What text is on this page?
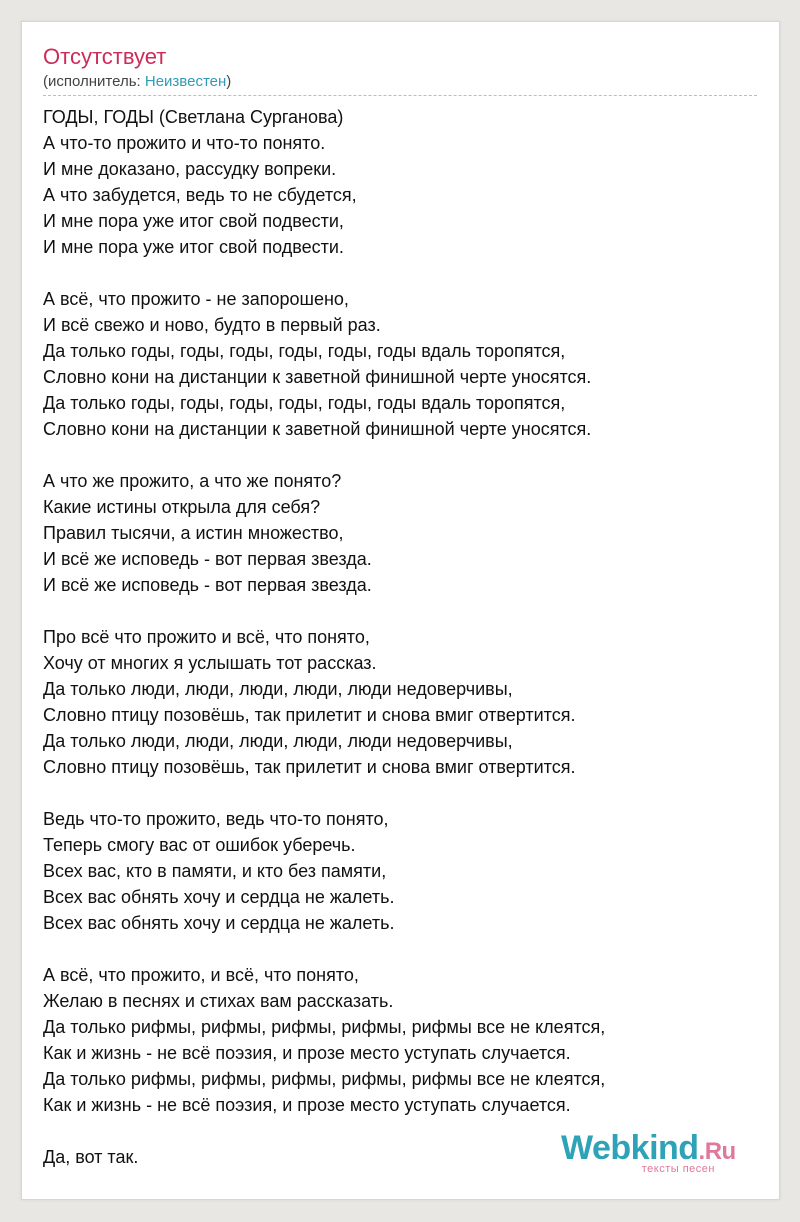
Отсутствует
(исполнитель: Неизвестен)
ГОДЫ, ГОДЫ (Светлана Сурганова)
А что-то прожито и что-то понято.
И мне доказано, рассудку вопреки.
А что забудется, ведь то не сбудется,
И мне пора уже итог свой подвести,
И мне пора уже итог свой подвести.
А всё, что прожито - не запорошено,
И всё свежо и ново, будто в первый раз.
Да только годы, годы, годы, годы, годы, годы вдаль торопятся,
Словно кони на дистанции к заветной финишной черте уносятся.
Да только годы, годы, годы, годы, годы, годы вдаль торопятся,
Словно кони на дистанции к заветной финишной черте уносятся.
А что же прожито, а что же понято?
Какие истины открыла для себя?
Правил тысячи, а истин множество,
И всё же исповедь - вот первая звезда.
И всё же исповедь - вот первая звезда.
Про всё что прожито и всё, что понято,
Хочу от многих я услышать тот рассказ.
Да только люди, люди, люди, люди, люди недоверчивы,
Словно птицу позовёшь, так прилетит и снова вмиг отвертится.
Да только люди, люди, люди, люди, люди недоверчивы,
Словно птицу позовёшь, так прилетит и снова вмиг отвертится.
Ведь что-то прожито, ведь что-то понято,
Теперь смогу вас от ошибок уберечь.
Всех вас, кто в памяти, и кто без памяти,
Всех вас обнять хочу и сердца не жалеть.
Всех вас обнять хочу и сердца не жалеть.
А всё, что прожито, и всё, что понято,
Желаю в песнях и стихах вам рассказать.
Да только рифмы, рифмы, рифмы, рифмы, рифмы все не клеятся,
Как и жизнь - не всё поэзия, и прозе место уступать случается.
Да только рифмы, рифмы, рифмы, рифмы, рифмы все не клеятся,
Как и жизнь - не всё поэзия, и прозе место уступать случается.
Да, вот так.	Webkind.Ru
тексты песен
